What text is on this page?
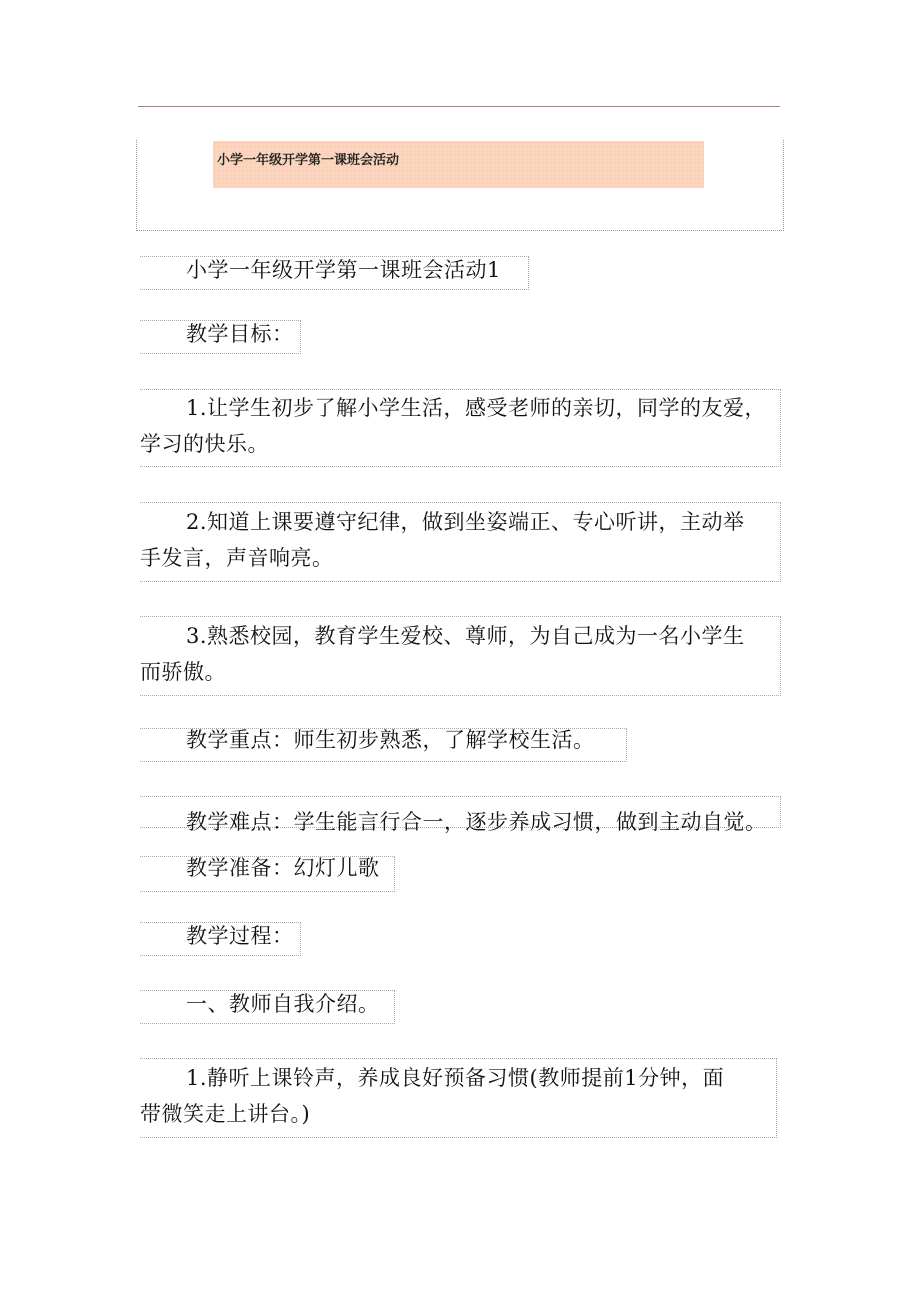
小学一年级开学第一课班会活动
小学一年级开学第一课班会活动1
教学目标：
1.让学生初步了解小学生活，感受老师的亲切，同学的友爱，
学习的快乐。
2.知道上课要遵守纪律，做到坐姿端正、专心听讲，主动举
手发言，声音响亮。
3.熟悉校园，教育学生爱校、尊师，为自己成为一名小学生
而骄傲。
教学重点：师生初步熟悉，了解学校生活。
教学难点：学生能言行合一，逐步养成习惯，做到主动自觉。
教学准备：幻灯儿歌
教学过程：
一、教师自我介绍。
1.静听上课铃声，养成良好预备习惯(教师提前1分钟，面
带微笑走上讲台。)
